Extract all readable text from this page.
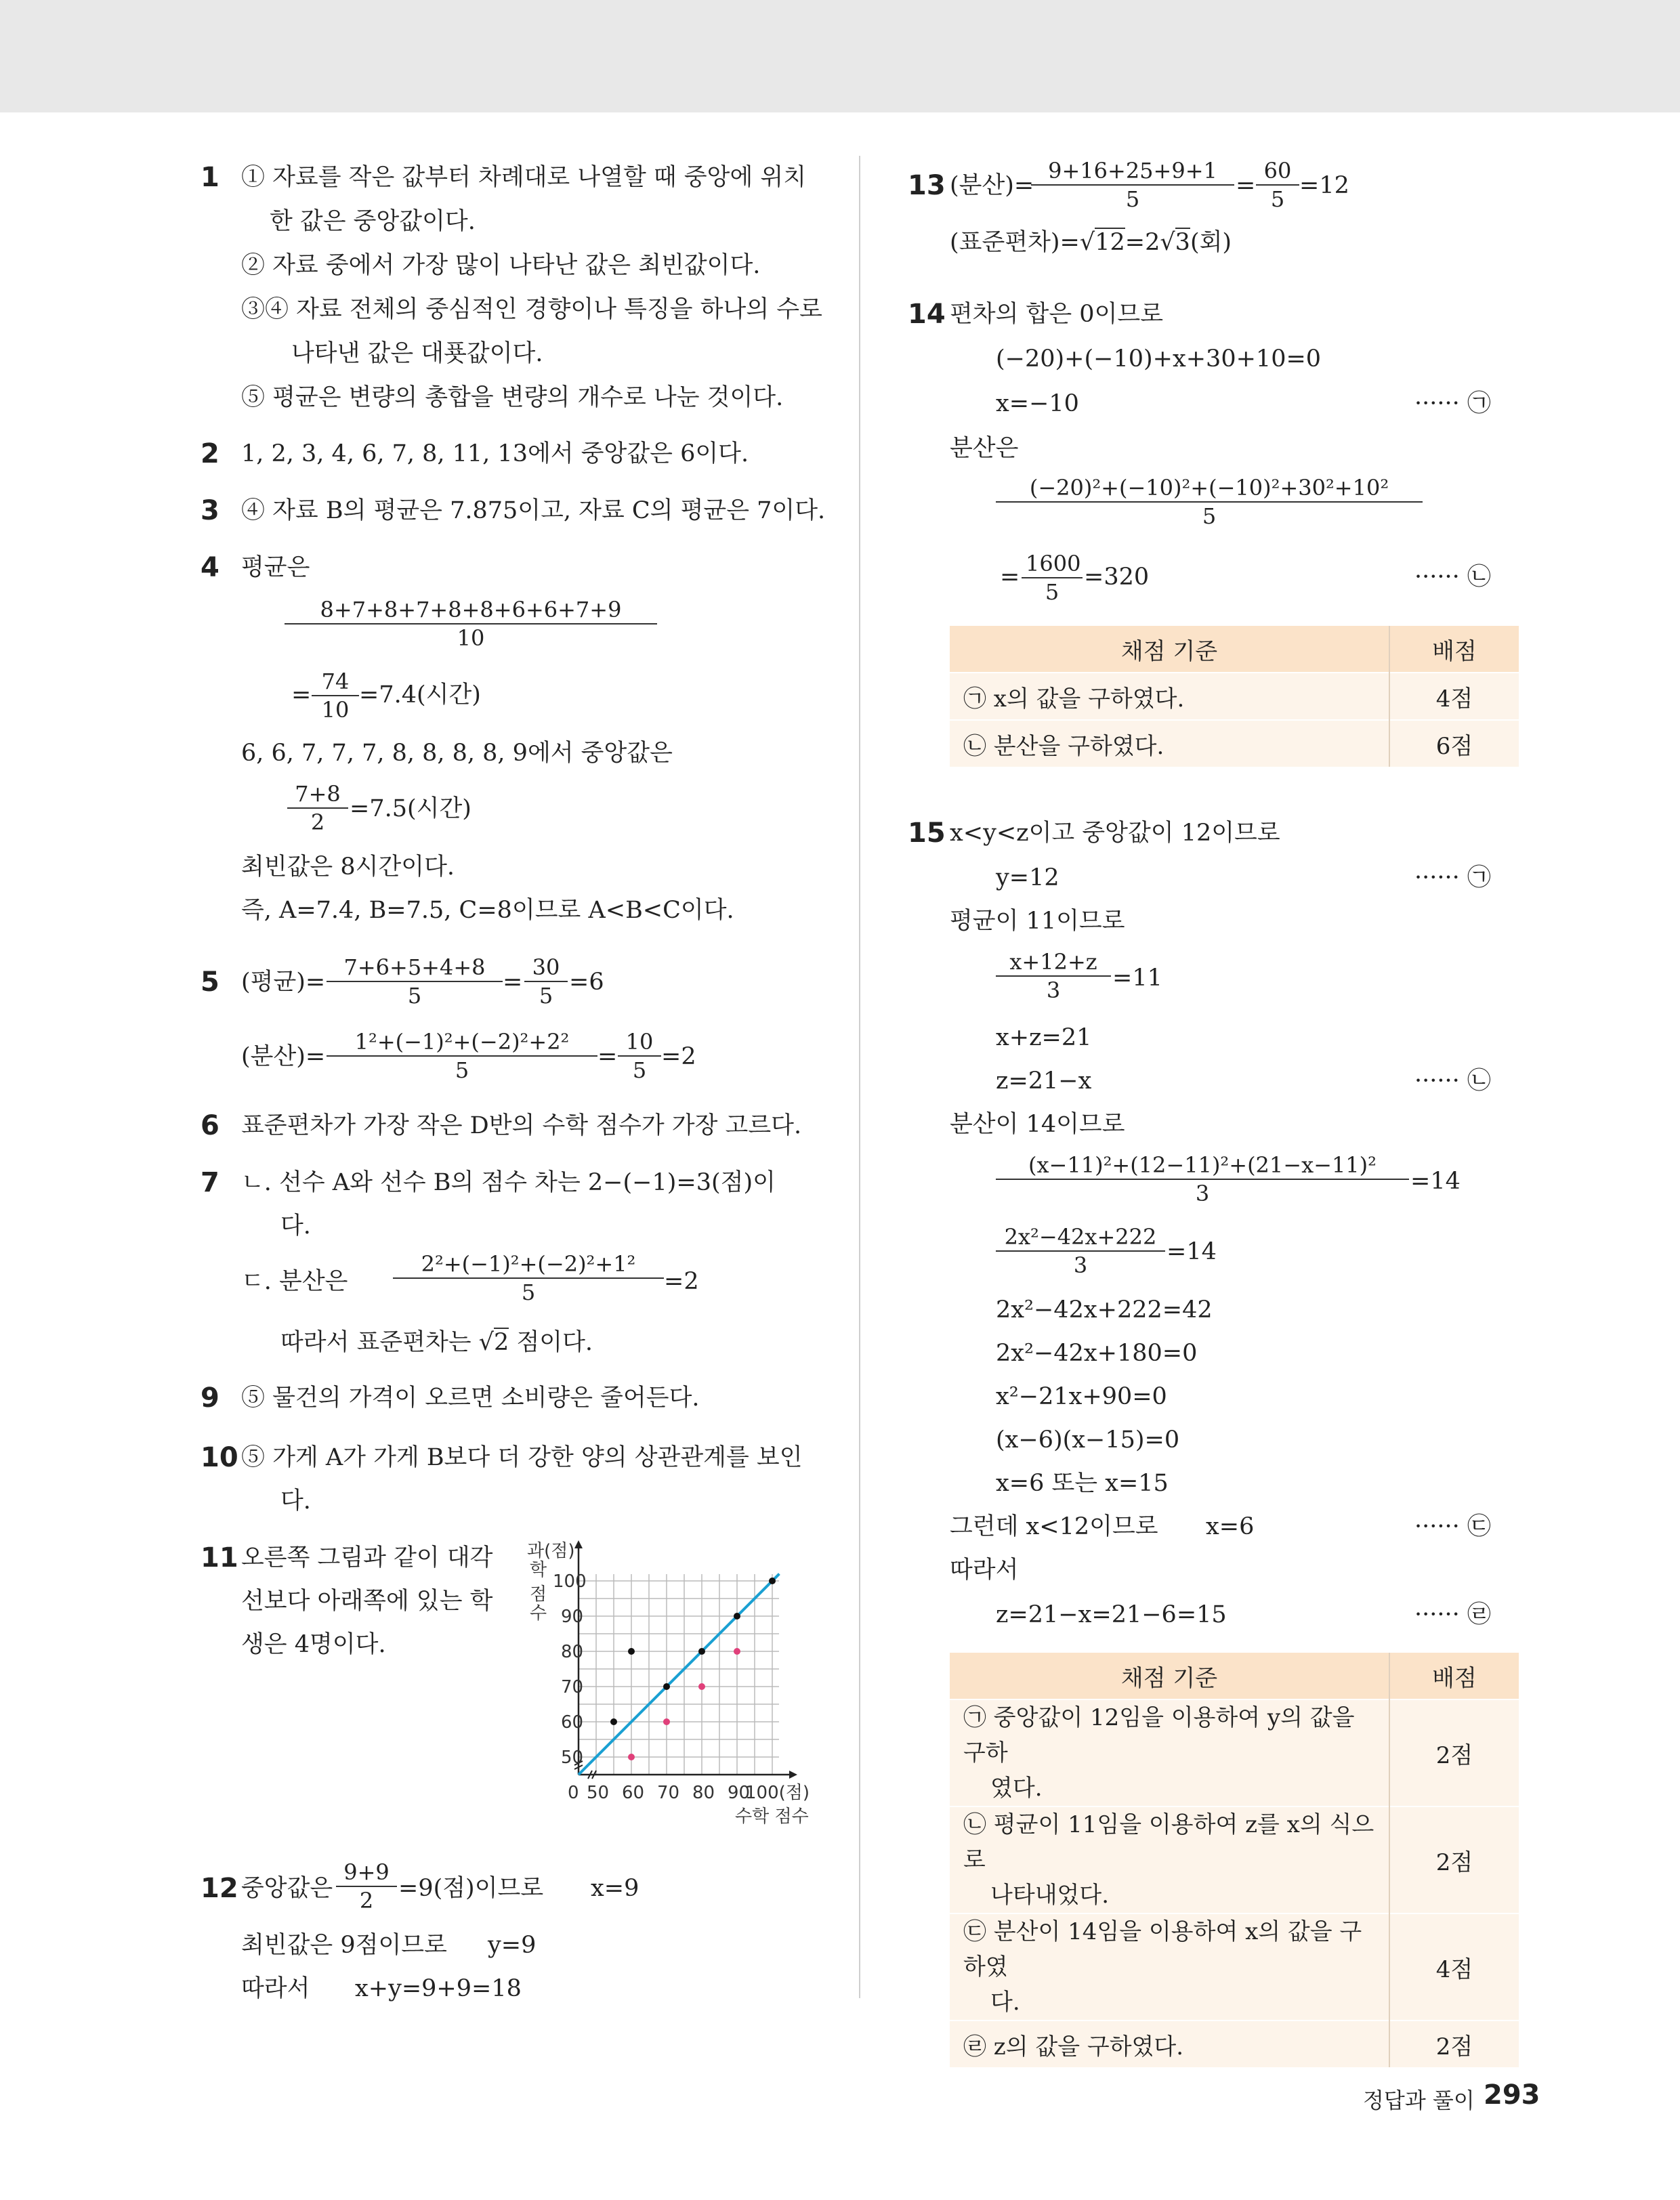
1 ① 자료를 작은 값부터 차례대로 나열할 때 중앙에 위치
한 값은 중앙값이다.
② 자료 중에서 가장 많이 나타난 값은 최빈값이다.
③④ 자료 전체의 중심적인 경향이나 특징을 하나의 수로
나타낸 값은 대푯값이다.
⑤ 평균은 변량의 총합을 변량의 개수로 나눈 것이다.
2 1, 2, 3, 4, 6, 7, 8, 11, 13에서 중앙값은 6이다.
3 ④ 자료 B의 평균은 7.875이고, 자료 C의 평균은 7이다.
4 평균은
$\frac{8+7+8+7+8+8+6+6+7+9}{10}$
= $\frac{74}{10} =7.4$(시간)
6, 6, 7, 7, 7, 8, 8, 8, 8, 9에서 중앙값은
$\frac{7+8}{2} =7.5$(시간)
최빈값은 8시간이다.
즉, A=7.4, B=7.5, C=8이므로 A<B<C이다.
5 (평균)= $\frac{7+6+5+4+8}{5} = \frac{30}{5} =6$
(분산)= $\frac{\text{1²+(−1)²+(−2)²+2²}}{5} = \frac{10}{5} =2$
6 표준편차가 가장 작은 D반의 수학 점수가 가장 고르다.
7 ㄴ. 선수 A와 선수 B의 점수 차는 2−(−1)=3(점)이
다.
ㄷ. 분산은 $\frac{\text{2²+(−1)²+(−2)²+1²}}{5} =2$
따라서 표준편차는 √2 점이다.
9 ⑤ 물건의 가격이 오르면 소비량은 줄어든다.
10 ⑤ 가게 A가 가게 B보다 더 강한 양의 상관관계를 보인
다.
11 오른쪽 그림과 같이 대각
선보다 아래쪽에 있는 학
생은 4명이다.
50 60 70 80 90
50
60
70
80
90
100
과(점)
학
점
수
0	100(점)
수학 점수
12 중앙값은 $\frac{9+9}{2} =9$(점)이므로 x=9
최빈값은 9점이므로 y=9
따라서 x+y=9+9=18
13 (분산)=
$\frac{9+16+25+9+1}{5} = \frac{60}{5} =12$
(표준편차)=√12=2√3(회)
14 편차의 합은 0이므로
(−20)+(−10)+x+30+10=0
x=−10	······ ㉠
분산은
$\frac{\text{(−20)²+(−10)²+(−10)²+30²+10²}}{5}$
= $\frac{1600}{5} =320$	······ ㉡
채점 기준	배점
㉠ x의 값을 구하였다.	4점
㉡ 분산을 구하였다.	6점
15 x<y<z이고 중앙값이 12이므로
y=12	······ ㉠
평균이 11이므로
$\frac{x+12+z}{3} =11$
x+z=21
z=21−x	······ ㉡
분산이 14이므로
$\frac{\text{(x−11)²+(12−11)²+(21−x−11)²}}{3} =14$
$\frac{\text{2x²−42x+222}}{3} =14$
2x²−42x+222=42
2x²−42x+180=0
x²−21x+90=0
(x−6)(x−15)=0
x=6 또는 x=15
그런데 x<12이므로 x=6	······ ㉢
따라서
z=21−x=21−6=15	······ ㉣
채점 기준	배점
㉠ 중앙값이 12임을 이용하여 y의 값을 구하
였다.	2점
㉡ 평균이 11임을 이용하여 z를 x의 식으로
나타내었다.	2점
㉢ 분산이 14임을 이용하여 x의 값을 구하였
다.	4점
㉣ z의 값을 구하였다.	2점
정답과 풀이 293
